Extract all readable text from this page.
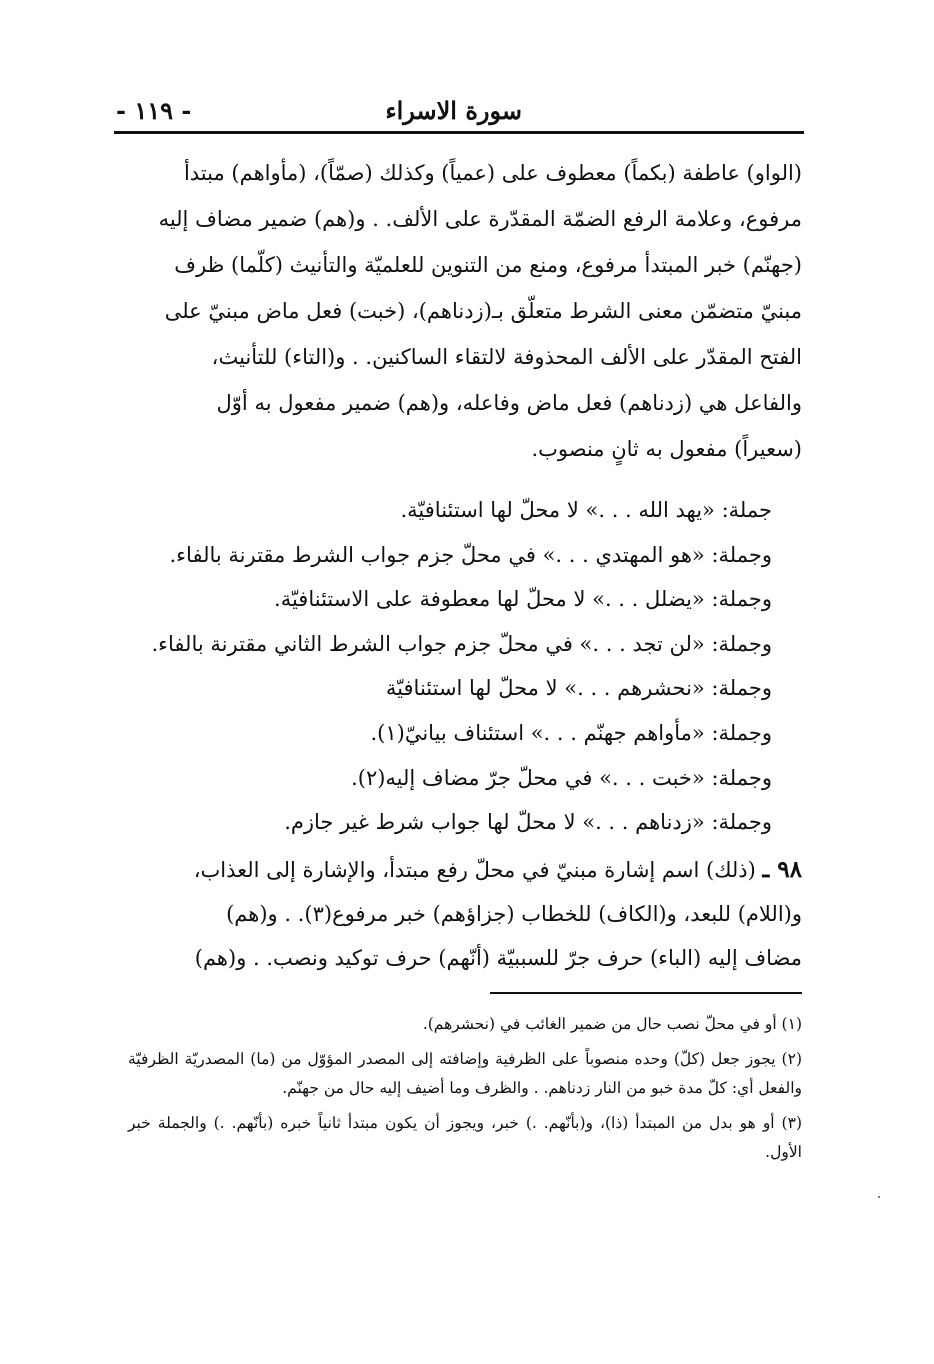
سورة الاسراء
- ١١٩ -

(الواو) عاطفة (بكماً) معطوف على (عمياً) وكذلك (صمّاً)، (مأواهم) مبتدأ

مرفوع، وعلامة الرفع الضمّة المقدّرة على الألف. . و(هم) ضمير مضاف إليه

(جهنّم) خبر المبتدأ مرفوع، ومنع من التنوين للعلميّة والتأنيث (كلّما) ظرف

مبنيّ متضمّن معنى الشرط متعلّق بـ(زدناهم)، (خبت) فعل ماض مبنيّ على

الفتح المقدّر على الألف المحذوفة لالتقاء الساكنين. . و(التاء) للتأنيث،

والفاعل هي (زدناهم) فعل ماض وفاعله، و(هم) ضمير مفعول به أوّل

(سعيراً) مفعول به ثانٍ منصوب.

جملة: «يهد الله . . .» لا محلّ لها استئنافيّة.

وجملة: «هو المهتدي . . .» في محلّ جزم جواب الشرط مقترنة بالفاء.

وجملة: «يضلل . . .» لا محلّ لها معطوفة على الاستئنافيّة.

وجملة: «لن تجد . . .» في محلّ جزم جواب الشرط الثاني مقترنة بالفاء.

وجملة: «نحشرهم . . .» لا محلّ لها استئنافيّة

وجملة: «مأواهم جهنّم . . .» استئناف بيانيّ(١).

وجملة: «خبت . . .» في محلّ جرّ مضاف إليه(٢).

وجملة: «زدناهم . . .» لا محلّ لها جواب شرط غير جازم.

٩٨ ـ (ذلك) اسم إشارة مبنيّ في محلّ رفع مبتدأ، والإشارة إلى العذاب،

و(اللام) للبعد، و(الكاف) للخطاب (جزاؤهم) خبر مرفوع(٣). . و(هم)

مضاف إليه (الباء) حرف جرّ للسببيّة (أنّهم) حرف توكيد ونصب. . و(هم)

(١) أو في محلّ نصب حال من ضمير الغائب في (نحشرهم).

(٢) يجوز جعل (كلّ) وحده منصوباً على الظرفية وإضافته إلى المصدر المؤوّل من (ما) المصدريّة الظرفيّة والفعل أي: كلّ مدة خبو من النار زدناهم. . والظرف وما أضيف إليه حال من جهنّم.

(٣) أو هو بدل من المبتدأ (ذا)، و(بأنّهم. .) خبر، ويجوز أن يكون مبتدأ ثانياً خبره (بأنّهم. .) والجملة خبر الأول.
